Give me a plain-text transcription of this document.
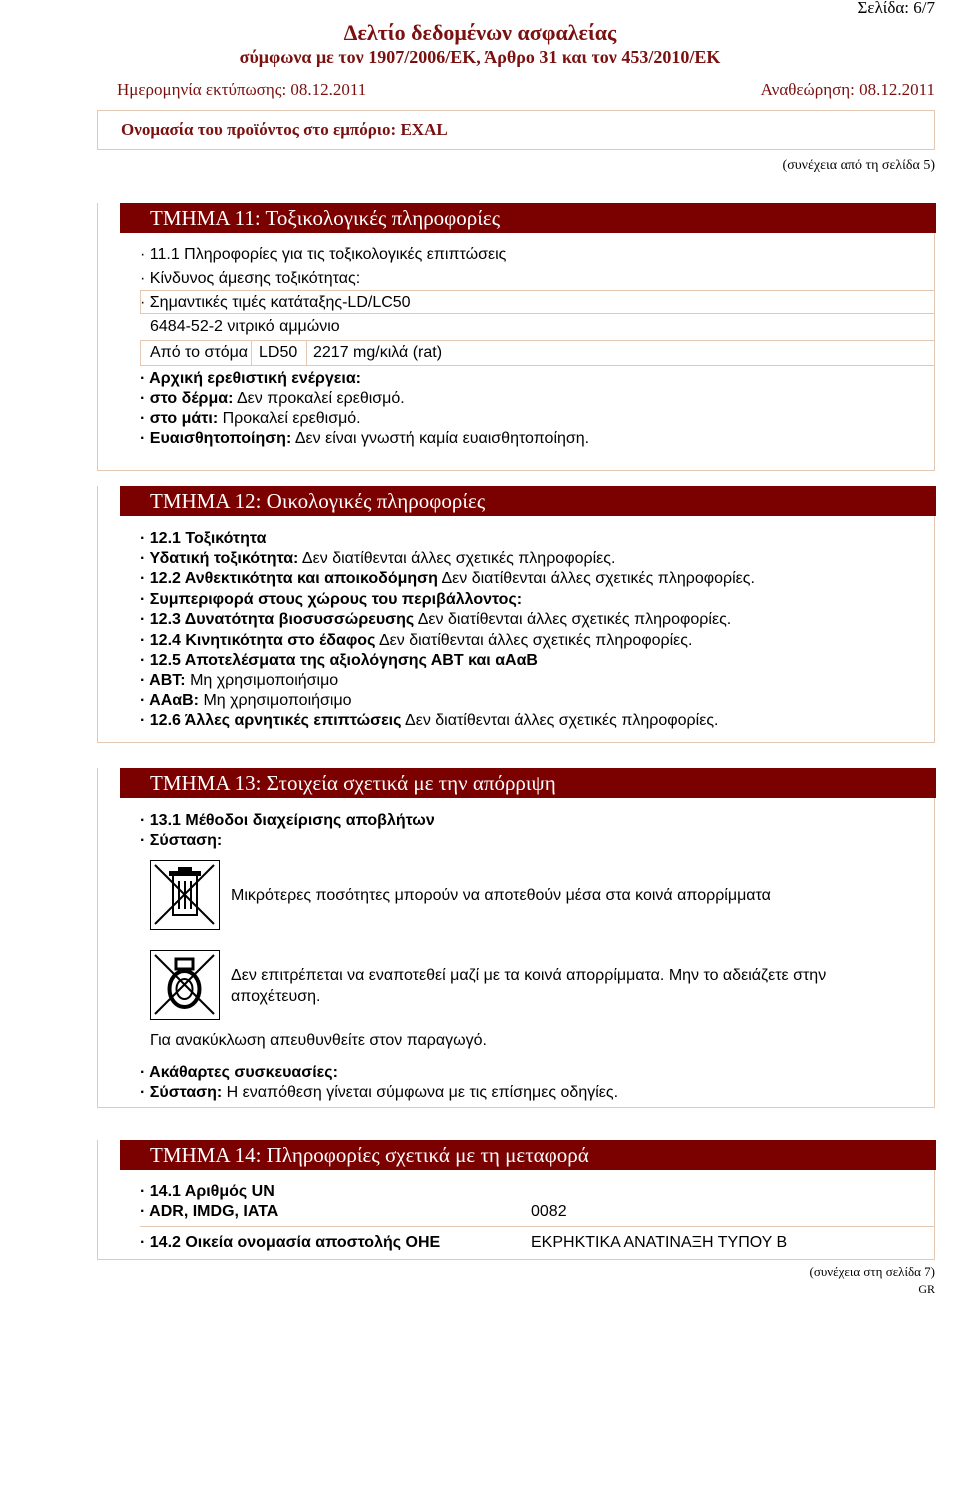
Σελίδα: 6/7
Δελτίο δεδομένων ασφαλείας
σύμφωνα με τον 1907/2006/ΕΚ, Άρθρο 31 και τον 453/2010/ΕΚ
Ημερομηνία εκτύπωσης: 08.12.2011	Αναθεώρηση: 08.12.2011
Ονομασία του προϊόντος στο εμπόριο: EXAL
(συνέχεια από τη σελίδα 5)
ΤΜΗΜΑ 11: Τοξικολογικές πληροφορίες
· 11.1 Πληροφορίες για τις τοξικολογικές επιπτώσεις
· Κίνδυνος άμεσης τοξικότητας:
· Σημαντικές τιμές κατάταξης-LD/LC50
6484-52-2 νιτρικό αμμώνιο
Από το στόμα LD50 2217 mg/κιλά (rat)
· Αρχική ερεθιστική ενέργεια:
· στο δέρμα: Δεν προκαλεί ερεθισμό.
· στο μάτι: Προκαλεί ερεθισμό.
· Ευαισθητοποίηση: Δεν είναι γνωστή καμία ευαισθητοποίηση.
ΤΜΗΜΑ 12: Οικολογικές πληροφορίες
· 12.1 Τοξικότητα
· Υδατική τοξικότητα: Δεν διατίθενται άλλες σχετικές πληροφορίες.
· 12.2 Ανθεκτικότητα και αποικοδόμηση Δεν διατίθενται άλλες σχετικές πληροφορίες.
· Συμπεριφορά στους χώρους του περιβάλλοντος:
· 12.3 Δυνατότητα βιοσυσσώρευσης Δεν διατίθενται άλλες σχετικές πληροφορίες.
· 12.4 Κινητικότητα στο έδαφος Δεν διατίθενται άλλες σχετικές πληροφορίες.
· 12.5 Αποτελέσματα της αξιολόγησης ΑΒΤ και αΑαΒ
· ΑΒΤ: Μη χρησιμοποιήσιμο
· ΑΑαΒ: Μη χρησιμοποιήσιμο
· 12.6 Άλλες αρνητικές επιπτώσεις Δεν διατίθενται άλλες σχετικές πληροφορίες.
ΤΜΗΜΑ 13: Στοιχεία σχετικά με την απόρριψη
· 13.1 Μέθοδοι διαχείρισης αποβλήτων
· Σύσταση:
Μικρότερες ποσότητες μπορούν να αποτεθούν μέσα στα κοινά απορρίμματα
Δεν επιτρέπεται να εναποτεθεί μαζί με τα κοινά απορρίμματα. Μην το αδειάζετε στην
αποχέτευση.
Για ανακύκλωση απευθυνθείτε στον παραγωγό.
· Ακάθαρτες συσκευασίες:
· Σύσταση: Η εναπόθεση γίνεται σύμφωνα με τις επίσημες οδηγίες.
ΤΜΗΜΑ 14: Πληροφορίες σχετικά με τη μεταφορά
· 14.1 Αριθμός UN
· ADR, IMDG, IATA	0082
· 14.2 Οικεία ονομασία αποστολής ΟΗΕ	ΕΚΡΗΚΤΙΚΑ ΑΝΑΤΙΝΑΞΗ ΤΥΠΟΥ Β
(συνέχεια στη σελίδα 7)
GR
